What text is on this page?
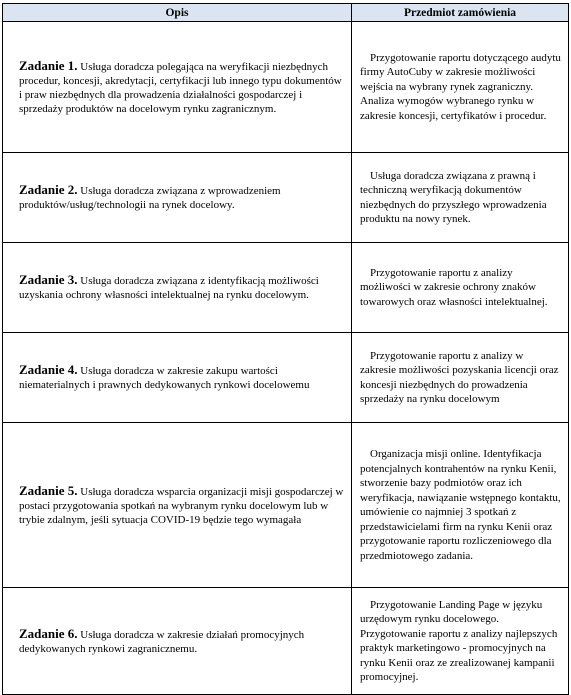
Opis	Przedmiot zamówienia
Zadanie 1. Usługa doradcza polegająca na weryfikacji niezbędnych procedur, koncesji, akredytacji, certyfikacji lub innego typu dokumentów i praw niezbędnych dla prowadzenia działalności gospodarczej i sprzedaży produktów na docelowym rynku zagranicznym.	Przygotowanie raportu dotyczącego audytu firmy AutoCuby w zakresie możliwości wejścia na wybrany rynek zagraniczny. Analiza wymogów wybranego rynku w zakresie koncesji, certyfikatów i procedur.
Zadanie 2. Usługa doradcza związana z wprowadzeniem produktów/usług/technologii na rynek docelowy.	Usługa doradcza związana z prawną i techniczną weryfikacją dokumentów niezbędnych do przyszłego wprowadzenia produktu na nowy rynek.
Zadanie 3. Usługa doradcza związana z identyfikacją możliwości uzyskania ochrony własności intelektualnej na rynku docelowym.	Przygotowanie raportu z analizy możliwości w zakresie ochrony znaków towarowych oraz własności intelektualnej.
Zadanie 4. Usługa doradcza w zakresie zakupu wartości niematerialnych i prawnych dedykowanych rynkowi docelowemu	Przygotowanie raportu z analizy w zakresie możliwości pozyskania licencji oraz koncesji niezbędnych do prowadzenia sprzedaży na rynku docelowym
Zadanie 5. Usługa doradcza wsparcia organizacji misji gospodarczej w postaci przygotowania spotkań na wybranym rynku docelowym lub w trybie zdalnym, jeśli sytuacja COVID-19 będzie tego wymagała	Organizacja misji online. Identyfikacja potencjalnych kontrahentów na rynku Kenii, stworzenie bazy podmiotów oraz ich weryfikacja, nawiązanie wstępnego kontaktu, umówienie co najmniej 3 spotkań z przedstawicielami firm na rynku Kenii oraz przygotowanie raportu rozliczeniowego dla przedmiotowego zadania.
Zadanie 6. Usługa doradcza w zakresie działań promocyjnych dedykowanych rynkowi zagranicznemu.	Przygotowanie Landing Page w języku urzędowym rynku docelowego. Przygotowanie raportu z analizy najlepszych praktyk marketingowo - promocyjnych na rynku Kenii oraz ze zrealizowanej kampanii promocyjnej.
